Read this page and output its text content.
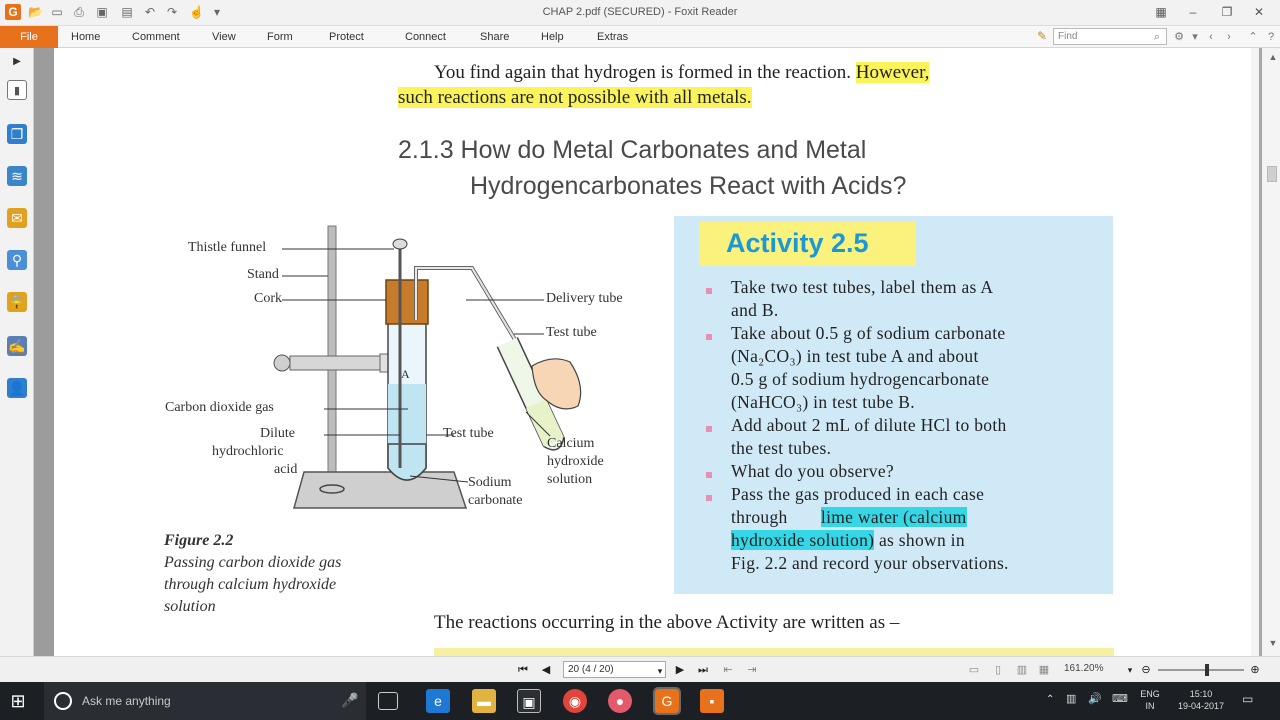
G 📂 ▭ ⎙ ▣ ▤ ↶ ↷ ☝ ▾	CHAP 2.pdf (SECURED) - Foxit Reader	▦	‒	❐	✕
File	Home	Comment	View	Form	Protect	Connect	Share	Help	Extras	✎	Find	⌕	⚙ ▾	‹	›	⌃ ?
▶
▮
❐
≋
✉
⚲
🔒
✍
👤
You find again that hydrogen is formed in the reaction. However,
such reactions are not possible with all metals.
2.1.3 How do Metal Carbonates and Metal
Hydrogencarbonates React with Acids?
A
Thistle funnel
Stand
Cork
Carbon dioxide gas
Dilute
hydrochloric
acid
Delivery tube
Test tube
Test tube
Calcium
hydroxide
solution
Sodium
carbonate
Figure 2.2
Passing carbon dioxide gas
through calcium hydroxide
solution
Activity 2.5
Take two test tubes, label them as A
and B.
Take about 0.5 g of sodium carbonate
(Na₂CO₃) in test tube A and about
0.5 g of sodium hydrogencarbonate
(NaHCO₃) in test tube B.
Add about 2 mL of dilute HCl to both
the test tubes.
What do you observe?
Pass the gas produced in each case
through lime water (calcium
hydroxide solution) as shown in
Fig. 2.2 and record your observations.
The reactions occurring in the above Activity are written as –
▲
▼
⏮	◀	20 (4 / 20)	▾	▶	⏭	⇤	⇥	▭	▯	▥ ▦ 161.20%	▾ ⊖	⊕
⊞	Ask me anything	🎤	e	▬	▣	◉	●	G	▪	⌃ ▥ 🔊 ⌨ ENG
IN
15:10
19-04-2017	▭
